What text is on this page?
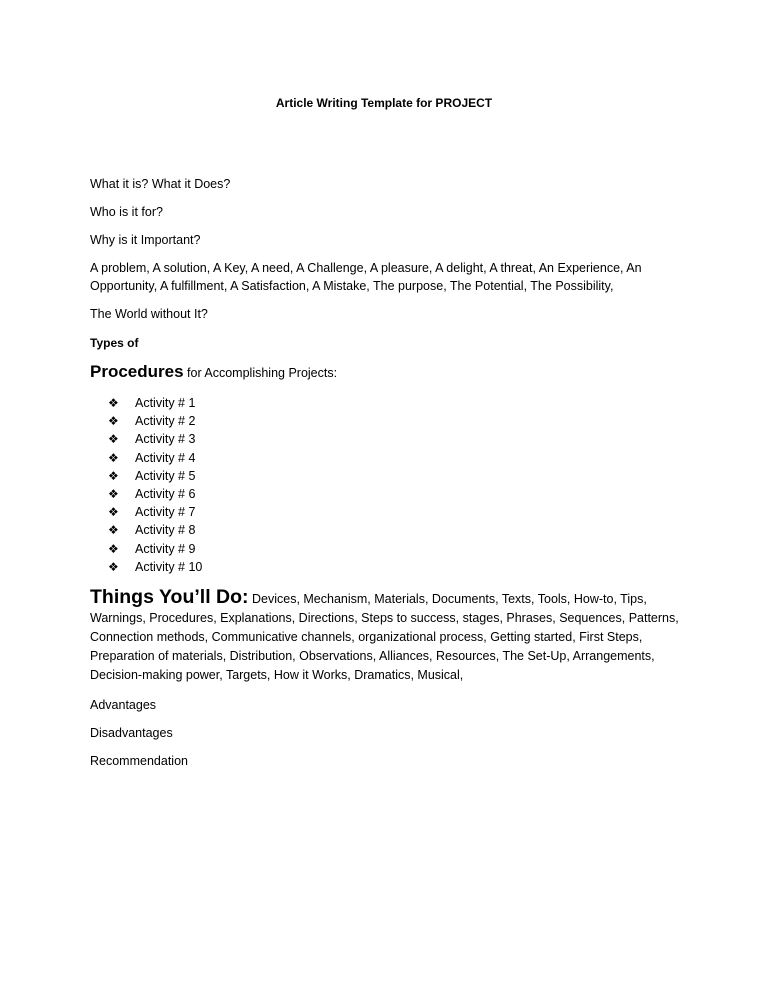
Article Writing Template for PROJECT
What it is? What it Does?
Who is it for?
Why is it Important?
A problem, A solution, A Key, A need, A Challenge, A pleasure, A delight, A threat, An Experience, An Opportunity, A fulfillment, A Satisfaction, A Mistake, The purpose, The Potential, The Possibility,
The World without It?
Types of
Procedures for Accomplishing Projects:
❖ Activity # 1
❖ Activity # 2
❖ Activity # 3
❖ Activity # 4
❖ Activity # 5
❖ Activity # 6
❖ Activity # 7
❖ Activity # 8
❖ Activity # 9
❖ Activity # 10
Things You’ll Do: Devices, Mechanism, Materials, Documents, Texts, Tools, How-to, Tips, Warnings, Procedures, Explanations, Directions, Steps to success, stages, Phrases, Sequences, Patterns, Connection methods, Communicative channels, organizational process, Getting started, First Steps, Preparation of materials, Distribution, Observations, Alliances, Resources, The Set-Up, Arrangements, Decision-making power, Targets, How it Works, Dramatics, Musical,
Advantages
Disadvantages
Recommendation
